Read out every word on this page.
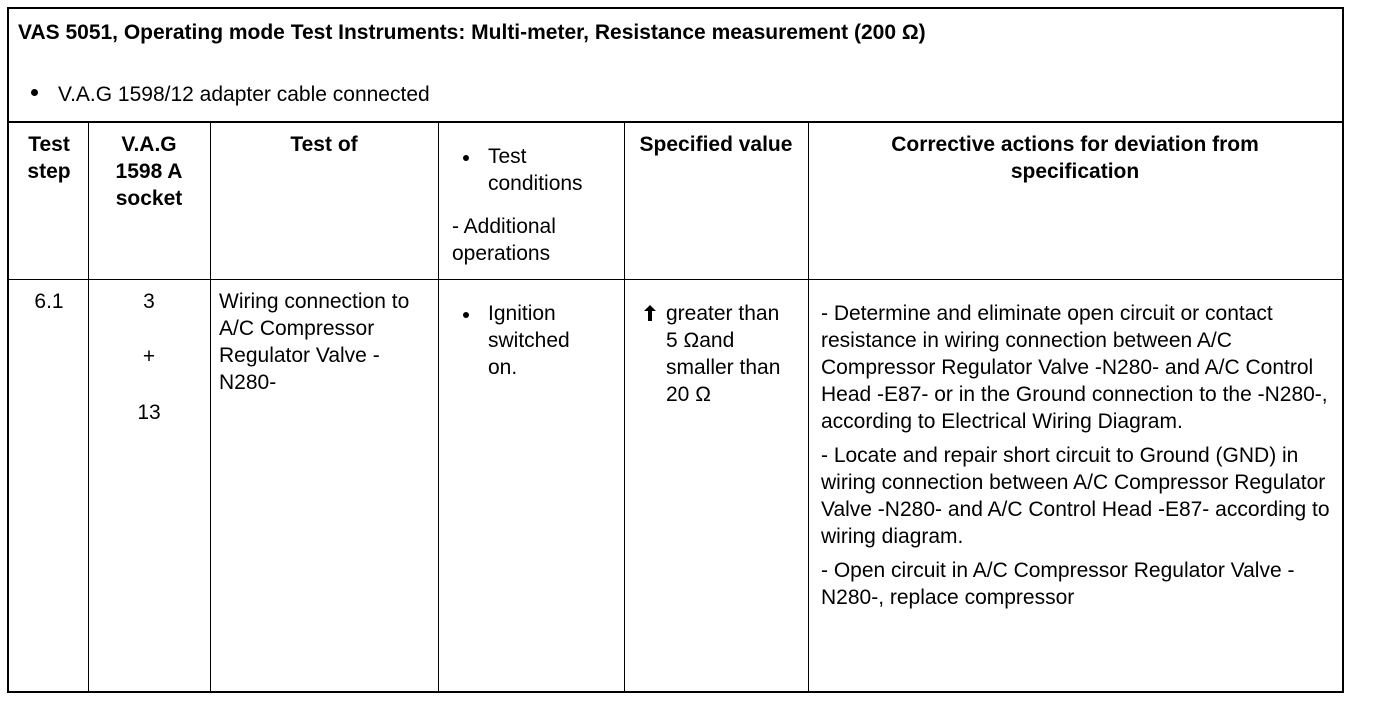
VAS 5051, Operating mode Test Instruments: Multi-meter, Resistance measurement (200 Ω)
V.A.G 1598/12 adapter cable connected
Test step
V.A.G 1598 A socket
Test of
Test conditions
- Additional operations
Specified value	Corrective actions for deviation from specification
6.1	3
+
13
Wiring connection to A/C Compressor Regulator Valve -N280-
Ignition switched on.
greater than 5 Ωand smaller than 20 Ω

- Determine and eliminate open circuit or contact resistance in wiring connection between A/C Compressor Regulator Valve -N280- and A/C Control Head -E87- or in the Ground connection to the -N280-, according to Electrical Wiring Diagram.

- Locate and repair short circuit to Ground (GND) in wiring connection between A/C Compressor Regulator Valve -N280- and A/C Control Head -E87- according to wiring diagram.

- Open circuit in A/C Compressor Regulator Valve -N280-, replace compressor
